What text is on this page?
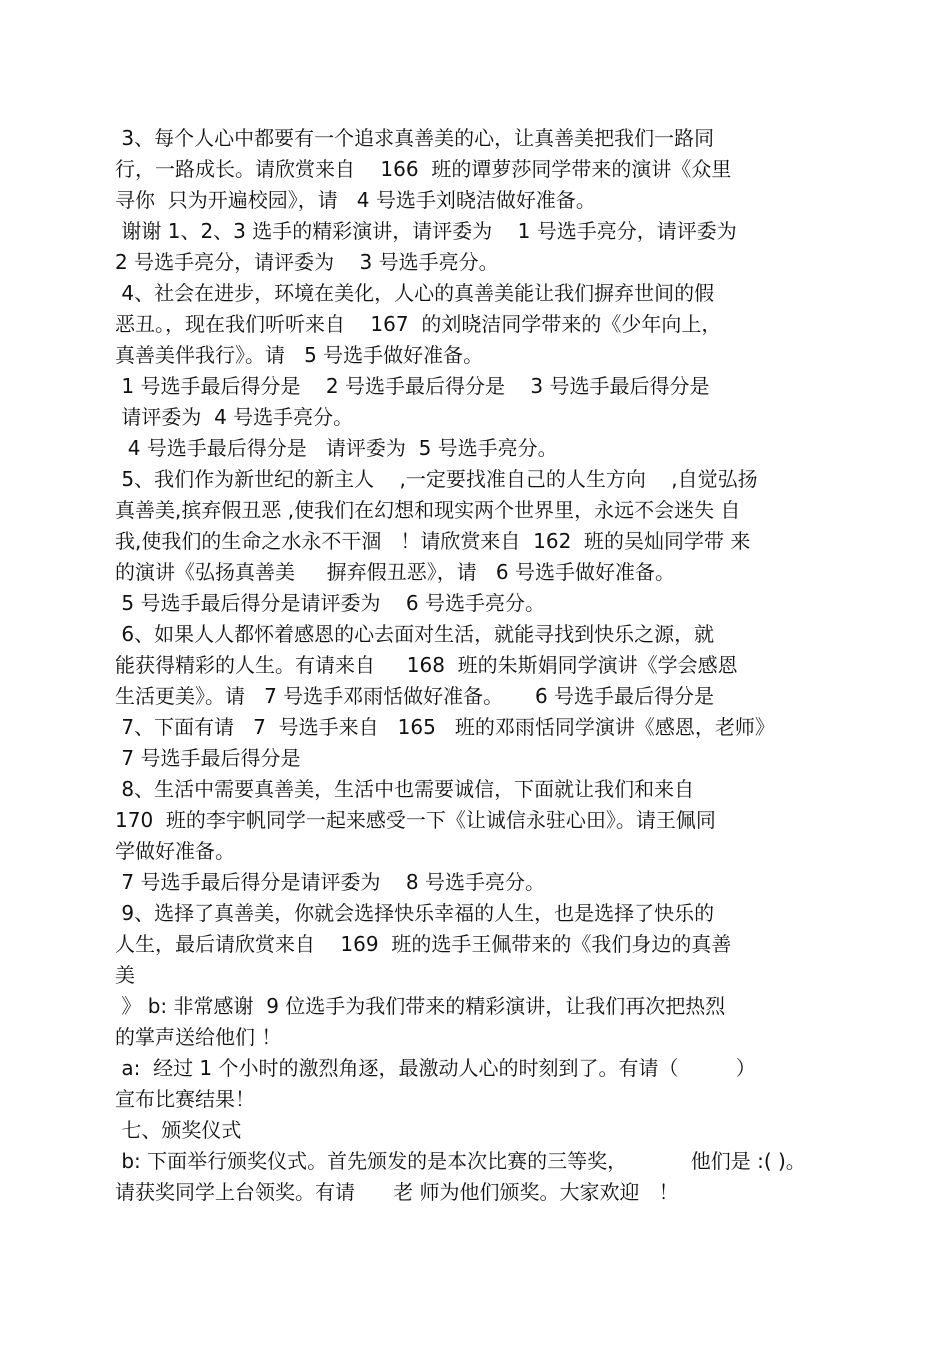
3、每个人心中都要有一个追求真善美的心，让真善美把我们一路同
行，一路成长。请欣赏来自    166  班的谭萝莎同学带来的演讲《众里
寻你  只为开遍校园》，请   4 号选手刘晓洁做好准备。
谢谢 1、2、3 选手的精彩演讲，请评委为    1 号选手亮分，请评委为
2 号选手亮分，请评委为    3 号选手亮分。
4、社会在进步，环境在美化，人心的真善美能让我们摒弃世间的假
恶丑。，现在我们听听来自    167  的刘晓洁同学带来的《少年向上，
真善美伴我行》。请   5 号选手做好准备。
1 号选手最后得分是    2 号选手最后得分是    3 号选手最后得分是
请评委为  4 号选手亮分。
4 号选手最后得分是   请评委为  5 号选手亮分。
5、我们作为新世纪的新主人    ,一定要找准自己的人生方向    ,自觉弘扬
真善美,摈弃假丑恶 ,使我们在幻想和现实两个世界里，永远不会迷失 自
我,使我们的生命之水永不干涸   ！请欣赏来自  162  班的吴灿同学带 来
的演讲《弘扬真善美     摒弃假丑恶》，请   6 号选手做好准备。
5 号选手最后得分是请评委为    6 号选手亮分。
6、如果人人都怀着感恩的心去面对生活，就能寻找到快乐之源，就
能获得精彩的人生。有请来自     168  班的朱斯娟同学演讲《学会感恩
生活更美》。请   7 号选手邓雨恬做好准备。     6 号选手最后得分是
7、下面有请   7  号选手来自   165   班的邓雨恬同学演讲《感恩，老师》
7 号选手最后得分是
8、生活中需要真善美，生活中也需要诚信，下面就让我们和来自
170  班的李宇帆同学一起来感受一下《让诚信永驻心田》。请王佩同
学做好准备。
7 号选手最后得分是请评委为    8 号选手亮分。
9、选择了真善美，你就会选择快乐幸福的人生，也是选择了快乐的
人生，最后请欣赏来自    169  班的选手王佩带来的《我们身边的真善
美
》 b: 非常感谢  9 位选手为我们带来的精彩演讲，让我们再次把热烈
的掌声送给他们 ！
a:  经过 1 个小时的激烈角逐，最激动人心的时刻到了。有请（         ）
宣布比赛结果！
七、颁奖仪式
b: 下面举行颁奖仪式。首先颁发的是本次比赛的三等奖，          他们是 :( )。
请获奖同学上台领奖。有请      老 师为他们颁奖。大家欢迎   ！
